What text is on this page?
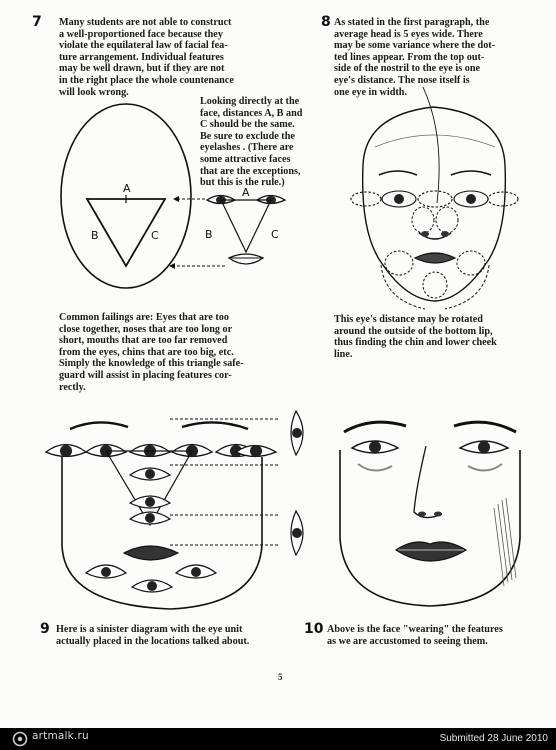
7 Many students are not able to construct
a well-proportioned face because they
violate the equilateral law of facial fea-
ture arrangement. Individual features
may be well drawn, but if they are not
in the right place the whole countenance
will look wrong.
Looking directly at the
face, distances A, B and
C should be the same.
Be sure to exclude the
eyelashes . (There are
some attractive faces
that are the exceptions,
but this is the rule.)
A
B	C
A
B	C
Common failings are: Eyes that are too
close together, noses that are too long or
short, mouths that are too far removed
from the eyes, chins that are too big, etc.
Simply the knowledge of this triangle safe-
guard will assist in placing features cor-
rectly.
8 As stated in the first paragraph, the
average head is 5 eyes wide. There
may be some variance where the dot-
ted lines appear. From the top out-
side of the nostril to the eye is one
eye's distance. The nose itself is
one eye in width.
This eye's distance may be rotated
around the outside of the bottom lip,
thus finding the chin and lower cheek
line.
9 Here is a sinister diagram with the eye unit
actually placed in the locations talked about.
10 Above is the face "wearing" the features
as we are accustomed to seeing them.
5
artmalk.ru	Submitted 28 June 2010
